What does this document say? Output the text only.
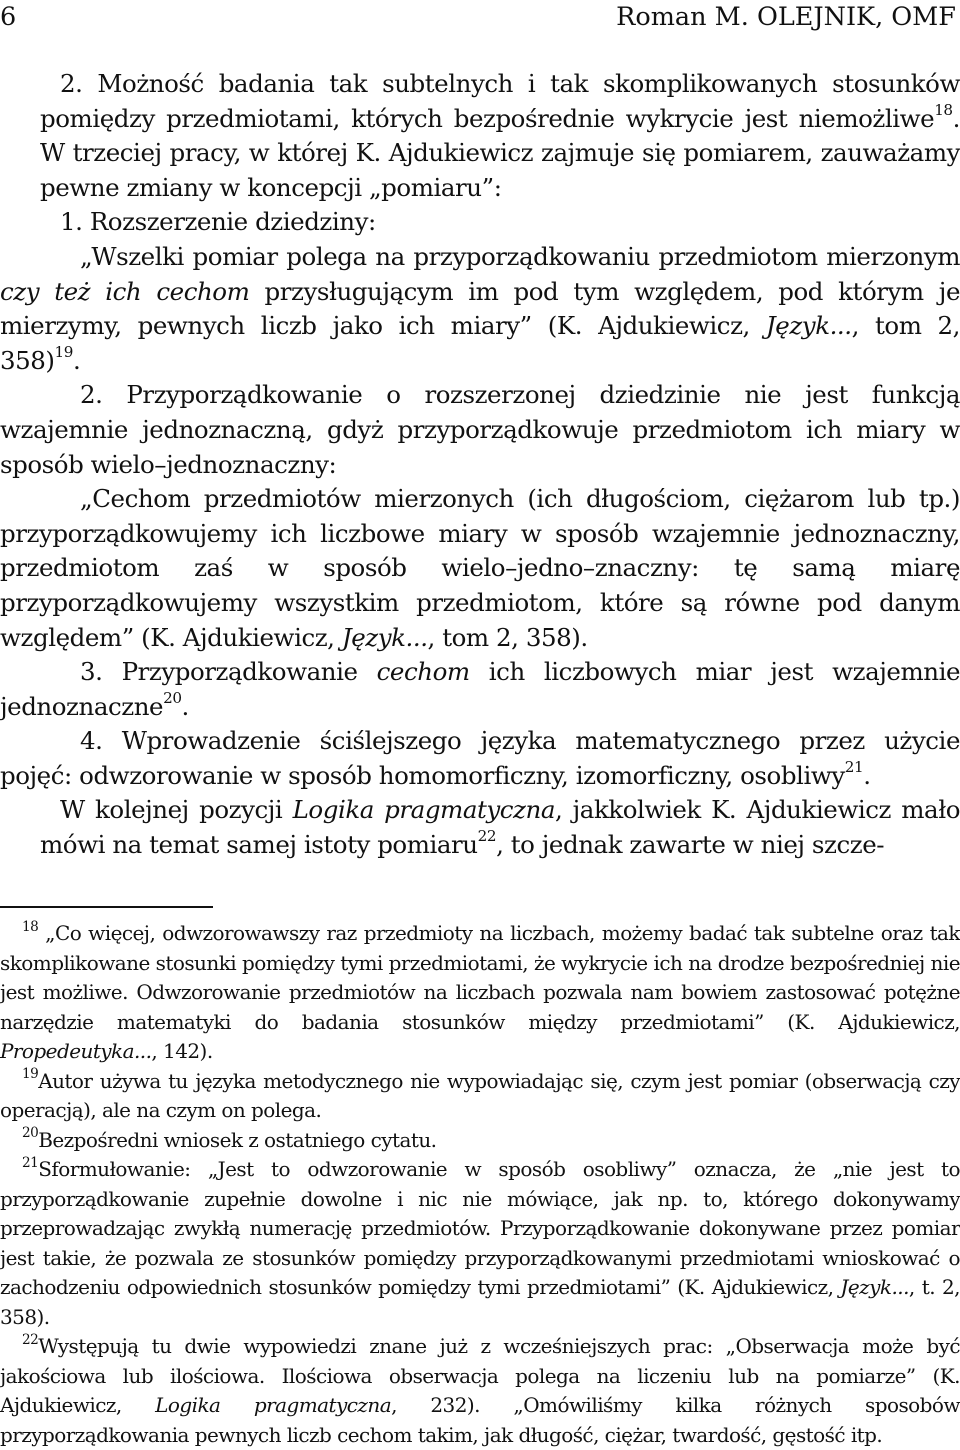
6	Roman M. OLEJNIK, OMF

2. Możność badania tak subtelnych i tak skomplikowanych stosunków pomiędzy przedmiotami, których bezpośrednie wykrycie jest niemożliwe$^{18}$. W trzeciej pracy, w której K. Ajdukiewicz zajmuje się pomiarem, zauważamy pewne zmiany w koncepcji „pomiaru”:

1. Rozszerzenie dziedziny:

„Wszelki pomiar polega na przyporządkowaniu przedmiotom mierzonym czy też ich cechom przysługującym im pod tym względem, pod którym je mierzymy, pewnych liczb jako ich miary” (K. Ajdukiewicz, Język..., tom 2, 358)$^{19}$.

2. Przyporządkowanie o rozszerzonej dziedzinie nie jest funkcją wzajemnie jednoznaczną, gdyż przyporządkowuje przedmiotom ich miary w sposób wielo–jednoznaczny:

„Cechom przedmiotów mierzonych (ich długościom, ciężarom lub tp.) przyporządkowujemy ich liczbowe miary w sposób wzajemnie jednoznaczny, przedmiotom zaś w sposób wielo–jedno–znaczny: tę samą miarę przyporządkowujemy wszystkim przedmiotom, które są równe pod danym względem” (K. Ajdukiewicz, Język..., tom 2, 358).

3. Przyporządkowanie cechom ich liczbowych miar jest wzajemnie jednoznaczne$^{20}$.

4. Wprowadzenie ściślejszego języka matematycznego przez użycie pojęć: odwzorowanie w sposób homomorficzny, izomorficzny, osobliwy$^{21}$.

W kolejnej pozycji Logika pragmatyczna, jakkolwiek K. Ajdukiewicz mało mówi na temat samej istoty pomiaru$^{22}$, to jednak zawarte w niej szcze-

$^{18}$ „Co więcej, odwzorowawszy raz przedmioty na liczbach, możemy badać tak subtelne oraz tak skomplikowane stosunki pomiędzy tymi przedmiotami, że wykrycie ich na drodze bezpośredniej nie jest możliwe. Odwzorowanie przedmiotów na liczbach pozwala nam bowiem zastosować potężne narzędzie matematyki do badania stosunków między przedmiotami” (K. Ajdukiewicz, Propedeutyka..., 142).

$^{19}$Autor używa tu języka metodycznego nie wypowiadając się, czym jest pomiar (obserwacją czy operacją), ale na czym on polega.

$^{20}$Bezpośredni wniosek z ostatniego cytatu.

$^{21}$Sformułowanie: „Jest to odwzorowanie w sposób osobliwy” oznacza, że „nie jest to przyporządkowanie zupełnie dowolne i nic nie mówiące, jak np. to, którego dokonywamy przeprowadzając zwykłą numerację przedmiotów. Przyporządkowanie dokonywane przez pomiar jest takie, że pozwala ze stosunków pomiędzy przyporządkowanymi przedmiotami wnioskować o zachodzeniu odpowiednich stosunków pomiędzy tymi przedmiotami” (K. Ajdukiewicz, Język..., t. 2, 358).

$^{22}$Występują tu dwie wypowiedzi znane już z wcześniejszych prac: „Obserwacja może być jakościowa lub ilościowa. Ilościowa obserwacja polega na liczeniu lub na pomiarze” (K. Ajdukiewicz, Logika pragmatyczna, 232). „Omówiliśmy kilka różnych sposobów przyporządkowania pewnych liczb cechom takim, jak długość, ciężar, twardość, gęstość itp.
